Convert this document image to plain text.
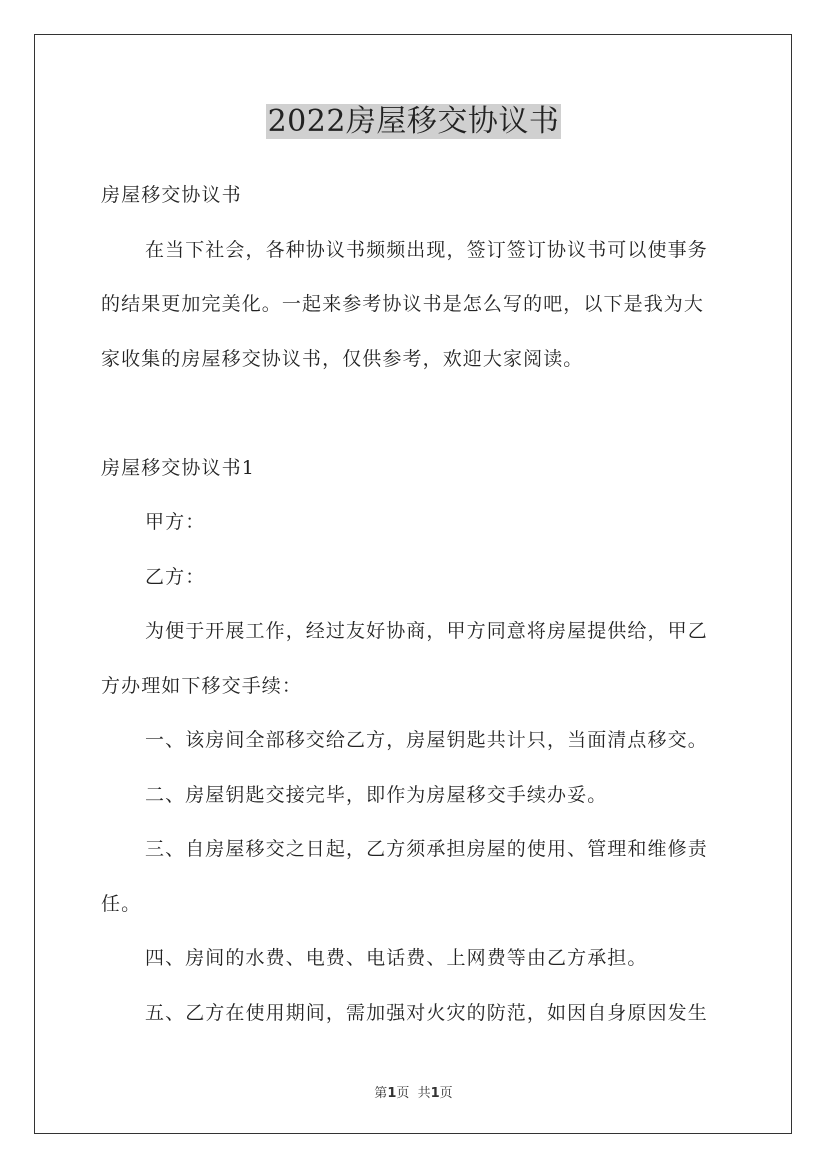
2022房屋移交协议书
房屋移交协议书
在当下社会，各种协议书频频出现，签订签订协议书可以使事务
的结果更加完美化。一起来参考协议书是怎么写的吧，以下是我为大
家收集的房屋移交协议书，仅供参考，欢迎大家阅读。
房屋移交协议书1
甲方：
乙方：
为便于开展工作，经过友好协商，甲方同意将房屋提供给，甲乙
方办理如下移交手续：
一、该房间全部移交给乙方，房屋钥匙共计只，当面清点移交。
二、房屋钥匙交接完毕，即作为房屋移交手续办妥。
三、自房屋移交之日起，乙方须承担房屋的使用、管理和维修责
任。
四、房间的水费、电费、电话费、上网费等由乙方承担。
五、乙方在使用期间，需加强对火灾的防范，如因自身原因发生
第1页  共1页
